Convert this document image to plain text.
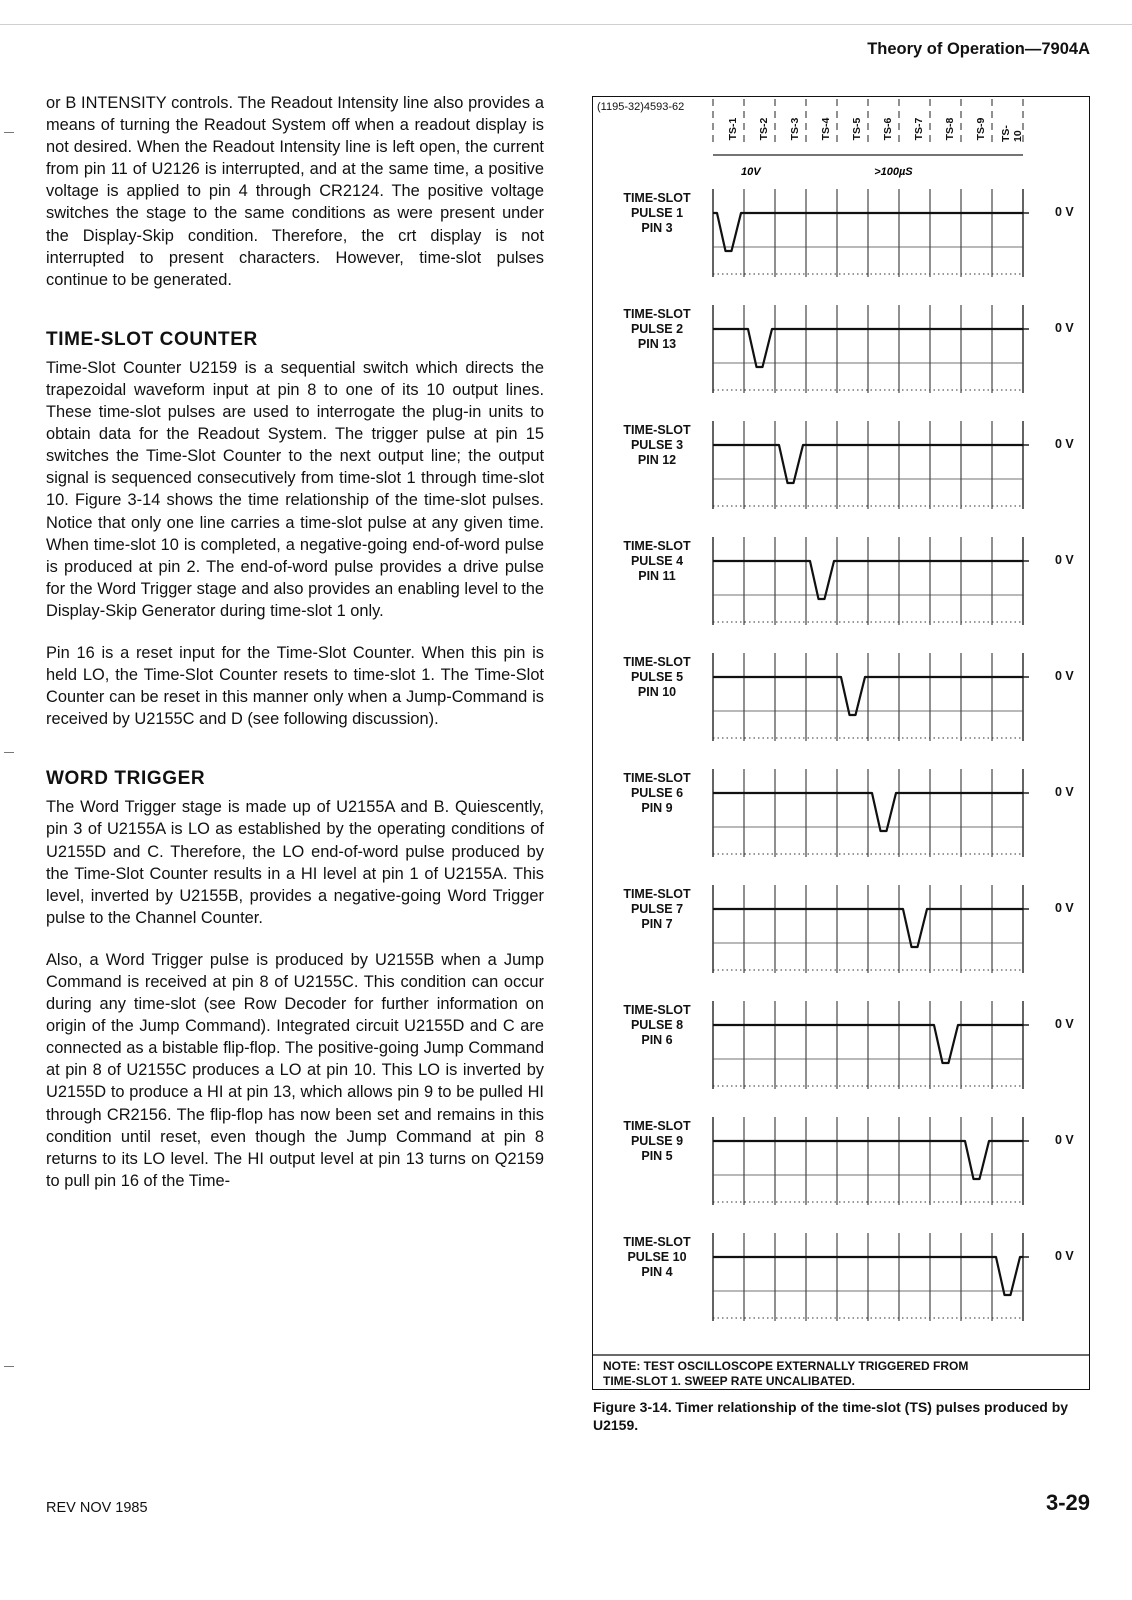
Theory of Operation—7904A

or B INTENSITY controls. The Readout Intensity line also provides a means of turning the Readout System off when a readout display is not desired. When the Readout Intensity line is left open, the current from pin 11 of U2126 is interrupted, and at the same time, a positive voltage is applied to pin 4 through CR2124. The positive voltage switches the stage to the same conditions as were present under the Display-Skip condition. Therefore, the crt display is not interrupted to present characters. However, time-slot pulses continue to be generated.

TIME-SLOT COUNTER

Time-Slot Counter U2159 is a sequential switch which directs the trapezoidal waveform input at pin 8 to one of its 10 output lines. These time-slot pulses are used to interrogate the plug-in units to obtain data for the Readout System. The trigger pulse at pin 15 switches the Time-Slot Counter to the next output line; the output signal is sequenced consecutively from time-slot 1 through time-slot 10. Figure 3-14 shows the time relationship of the time-slot pulses. Notice that only one line carries a time-slot pulse at any given time. When time-slot 10 is completed, a negative-going end-of-word pulse is produced at pin 2. The end-of-word pulse provides a drive pulse for the Word Trigger stage and also provides an enabling level to the Display-Skip Generator during time-slot 1 only.

Pin 16 is a reset input for the Time-Slot Counter. When this pin is held LO, the Time-Slot Counter resets to time-slot 1. The Time-Slot Counter can be reset in this manner only when a Jump-Command is received by U2155C and D (see following discussion).

WORD TRIGGER

The Word Trigger stage is made up of U2155A and B. Quiescently, pin 3 of U2155A is LO as established by the operating conditions of U2155D and C. Therefore, the LO end-of-word pulse produced by the Time-Slot Counter results in a HI level at pin 1 of U2155A. This level, inverted by U2155B, provides a negative-going Word Trigger pulse to the Channel Counter.

Also, a Word Trigger pulse is produced by U2155B when a Jump Command is received at pin 8 of U2155C. This condition can occur during any time-slot (see Row Decoder for further information on origin of the Jump Command). Integrated circuit U2155D and C are connected as a bistable flip-flop. The positive-going Jump Command at pin 8 of U2155C produces a LO at pin 10. This LO is inverted by U2155D to produce a HI at pin 13, which allows pin 9 to be pulled HI through CR2156. The flip-flop has now been set and remains in this condition until reset, even though the Jump Command at pin 8 returns to its LO level. The HI output level at pin 13 turns on Q2159 to pull pin 16 of the Time-

(1195-32)4593-62
TS-1	TS-2	TS-3	TS-4	TS-5	TS-6	TS-7	TS-8	TS-9	TS-10
10V	>100µS
NOTE: TEST OSCILLOSCOPE EXTERNALLY TRIGGERED FROM
TIME-SLOT 1. SWEEP RATE UNCALIBATED.
TIME-SLOT
PULSE 1
PIN 3
0 V
TIME-SLOT
PULSE 2
PIN 13
0 V
TIME-SLOT
PULSE 3
PIN 12
0 V
TIME-SLOT
PULSE 4
PIN 11
0 V
TIME-SLOT
PULSE 5
PIN 10
0 V
TIME-SLOT
PULSE 6
PIN 9
0 V
TIME-SLOT
PULSE 7
PIN 7
0 V
TIME-SLOT
PULSE 8
PIN 6
0 V
TIME-SLOT
PULSE 9
PIN 5
0 V
TIME-SLOT
PULSE 10
PIN 4
0 V
Figure 3-14. Timer relationship of the time-slot (TS) pulses produced by U2159.
REV NOV 1985	3-29
